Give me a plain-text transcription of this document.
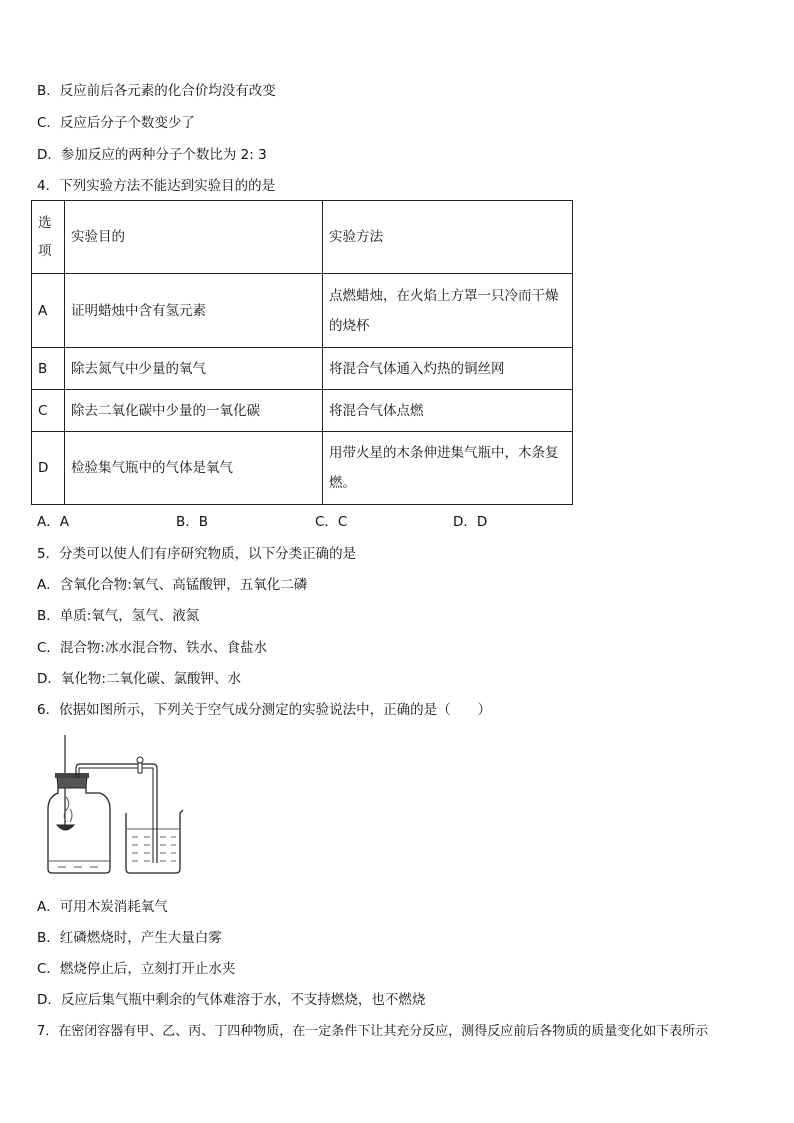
B．反应前后各元素的化合价均没有改变
C．反应后分子个数变少了
D．参加反应的两种分子个数比为 2: 3
4．下列实验方法不能达到实验目的的是
选项	实验目的	实验方法
A	证明蜡烛中含有氢元素	点燃蜡烛，在火焰上方罩一只冷而干燥
的烧杯

B	除去氮气中少量的氧气	将混合气体通入灼热的铜丝网
C	除去二氧化碳中少量的一氧化碳	将混合气体点燃
D	检验集气瓶中的气体是氧气	用带火星的木条伸进集气瓶中，木条复
燃。
A．A	B．B	C．C	D．D
5．分类可以使人们有序研究物质，以下分类正确的是
A．含氧化合物:氧气、高锰酸钾，五氧化二磷
B．单质:氧气，氢气、液氮
C．混合物:冰水混合物、铁水、食盐水
D．氧化物:二氧化碳、氯酸钾、水
6．依据如图所示，下列关于空气成分测定的实验说法中，正确的是（　　）
A．可用木炭消耗氧气
B．红磷燃烧时，产生大量白雾
C．燃烧停止后，立刻打开止水夹
D．反应后集气瓶中剩余的气体难溶于水，不支持燃烧，也不燃烧
7．在密闭容器有甲、乙、丙、丁四种物质，在一定条件下让其充分反应，测得反应前后各物质的质量变化如下表所示
